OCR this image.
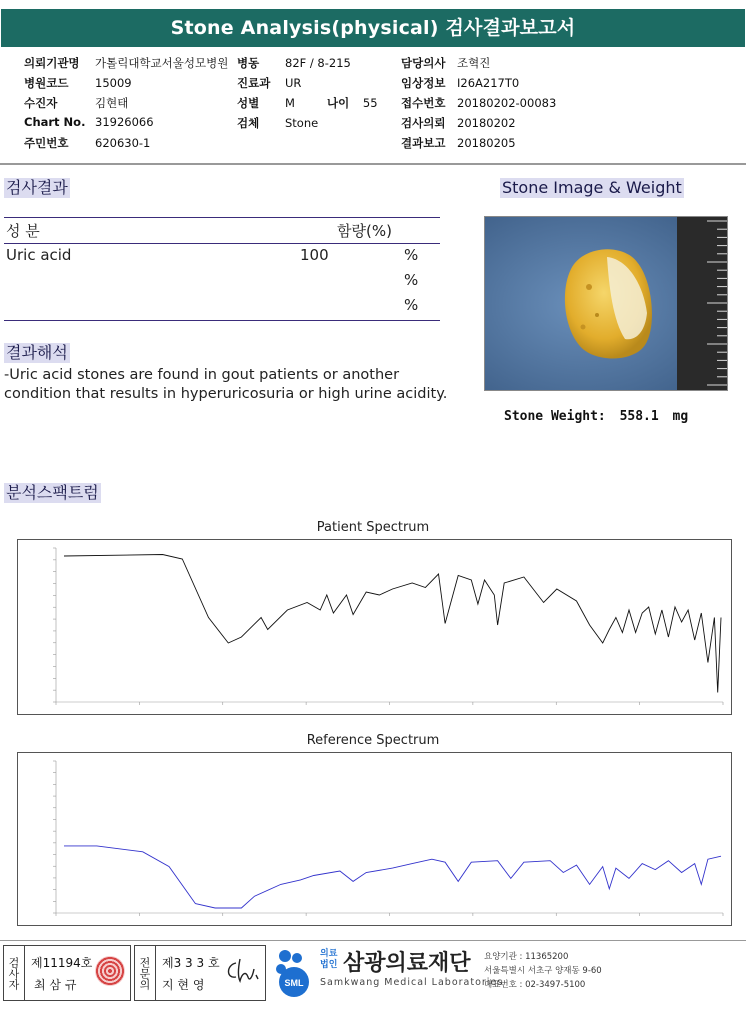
Stone Analysis(physical) 검사결과보고서
의뢰기관명 가톨릭대학교서울성모병원
병원코드 15009
수진자	김현태
Chart No. 31926066
주민번호 620630-1
병동 82F / 8-215
진료과 UR
성별 M
검체 Stone
나이 55
담당의사 조혁진
임상정보 I26A217T0
접수번호 20180202-00083
검사의뢰 20180202
결과보고 20180205
검사결과
성 분	함량(%)
Uric acid	100	%
%
%
결과해석
-Uric acid stones are found in gout patients or another
condition that results in hyperuricosuria or high urine acidity.
Stone Image & Weight
Stone Weight: 558.1 mg
분석스팩트럼
Patient Spectrum
Reference Spectrum
검사자 제11194호
최 삼 규	전문의 제3 3 3 호
지 현 영	SML
의료법인 삼광의료재단
Samkwang Medical Laboratories
요양기관 : 11365200
서울특별시 서초구 양재동 9-60
대표번호 : 02-3497-5100
